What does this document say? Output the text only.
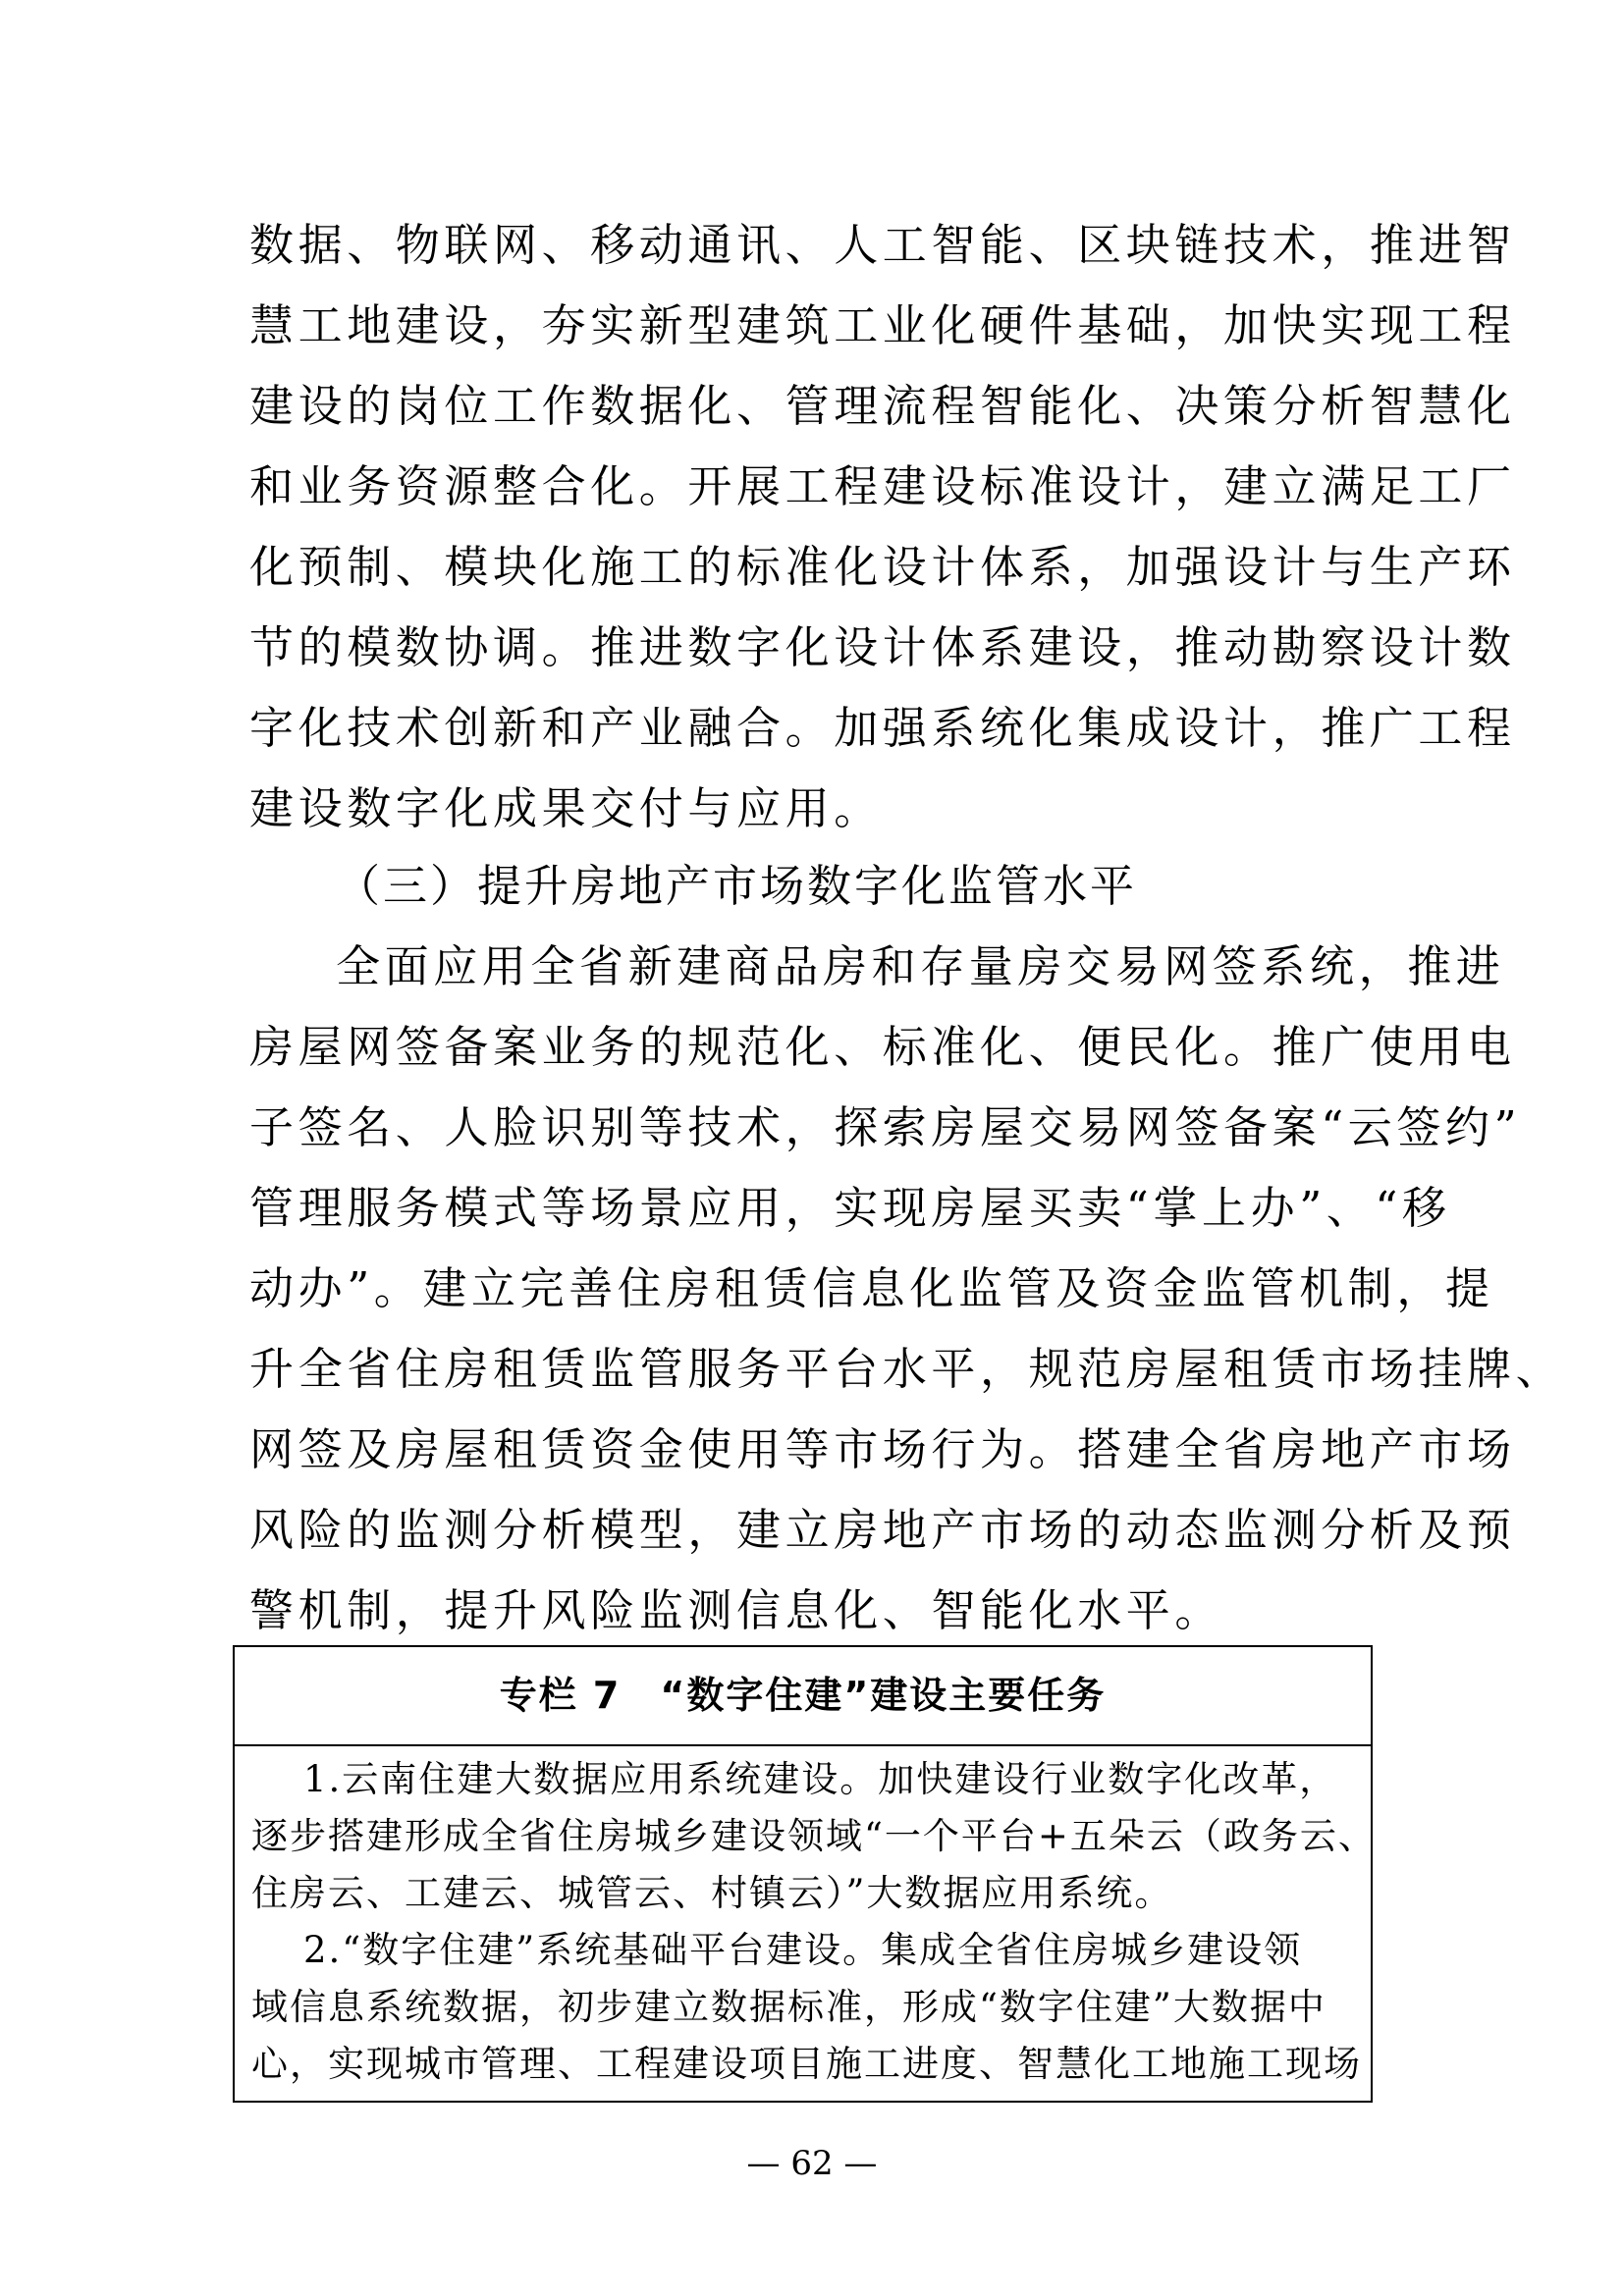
数据、物联网、移动通讯、人工智能、区块链技术，推进智
慧工地建设，夯实新型建筑工业化硬件基础，加快实现工程
建设的岗位工作数据化、管理流程智能化、决策分析智慧化
和业务资源整合化。开展工程建设标准设计，建立满足工厂
化预制、模块化施工的标准化设计体系，加强设计与生产环
节的模数协调。推进数字化设计体系建设，推动勘察设计数
字化技术创新和产业融合。加强系统化集成设计，推广工程
建设数字化成果交付与应用。
（三）提升房地产市场数字化监管水平
全面应用全省新建商品房和存量房交易网签系统，推进
房屋网签备案业务的规范化、标准化、便民化。推广使用电
子签名、人脸识别等技术，探索房屋交易网签备案“云签约”
管理服务模式等场景应用，实现房屋买卖“掌上办”、“移
动办”。建立完善住房租赁信息化监管及资金监管机制，提
升全省住房租赁监管服务平台水平，规范房屋租赁市场挂牌、
网签及房屋租赁资金使用等市场行为。搭建全省房地产市场
风险的监测分析模型，建立房地产市场的动态监测分析及预
警机制，提升风险监测信息化、智能化水平。
专栏 7　“数字住建”建设主要任务
1.云南住建大数据应用系统建设。加快建设行业数字化改革，
逐步搭建形成全省住房城乡建设领域“一个平台+五朵云（政务云、
住房云、工建云、城管云、村镇云）”大数据应用系统。
2.“数字住建”系统基础平台建设。集成全省住房城乡建设领
域信息系统数据，初步建立数据标准，形成“数字住建”大数据中
心，实现城市管理、工程建设项目施工进度、智慧化工地施工现场
— 62 —
